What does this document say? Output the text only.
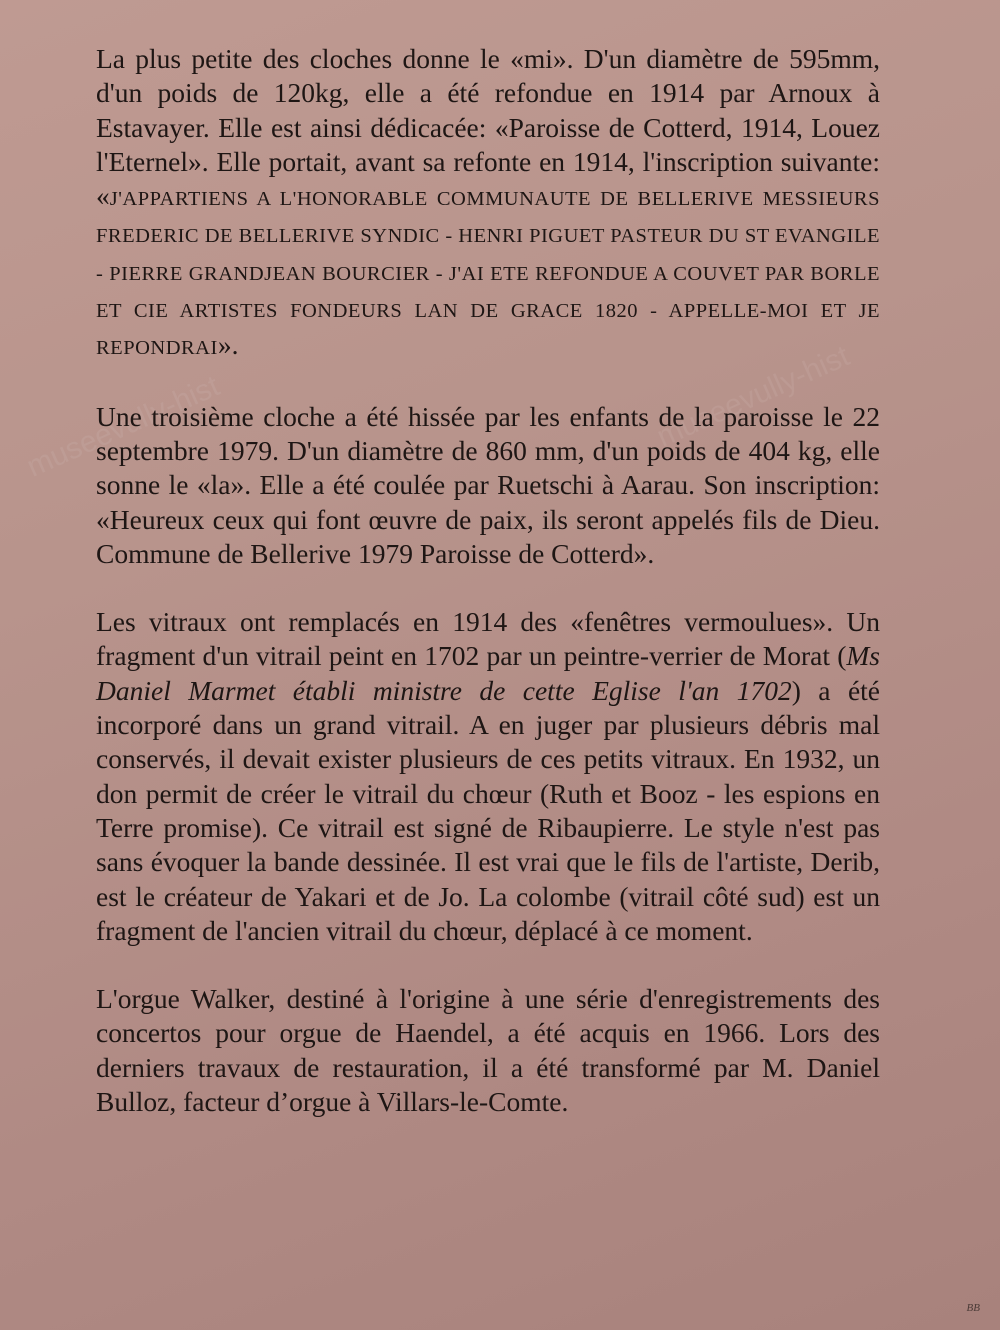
museevully-hist	museevully-hist

La plus petite des cloches donne le «mi». D'un diamètre de 595mm, d'un poids de 120kg, elle a été refondue en 1914 par Arnoux à Estavayer. Elle est ainsi dédicacée: «Paroisse de Cotterd, 1914, Louez l'Eternel». Elle portait, avant sa refonte en 1914, l'inscription suivante: «J'APPARTIENS A L'HONORABLE COMMUNAUTE DE BELLERIVE MESSIEURS FREDERIC DE BELLERIVE SYNDIC - HENRI PIGUET PASTEUR DU ST EVANGILE - PIERRE GRANDJEAN BOURCIER - J'AI ETE REFONDUE A COUVET PAR BORLE ET CIE ARTISTES FONDEURS LAN DE GRACE 1820 - APPELLE-MOI ET JE REPONDRAI».

Une troisième cloche a été hissée par les enfants de la paroisse le 22 septembre 1979. D'un diamètre de 860 mm, d'un poids de 404 kg, elle sonne le «la». Elle a été coulée par Ruetschi à Aarau. Son inscription: «Heureux ceux qui font œuvre de paix, ils seront appelés fils de Dieu. Commune de Bellerive 1979 Paroisse de Cotterd».

Les vitraux ont remplacés en 1914 des «fenêtres vermoulues». Un fragment d'un vitrail peint en 1702 par un peintre-verrier de Morat (Ms Daniel Marmet établi ministre de cette Eglise l'an 1702) a été incorporé dans un grand vitrail. A en juger par plusieurs débris mal conservés, il devait exister plusieurs de ces petits vitraux. En 1932, un don permit de créer le vitrail du chœur (Ruth et Booz - les espions en Terre promise). Ce vitrail est signé de Ribaupierre. Le style n'est pas sans évoquer la bande dessinée. Il est vrai que le fils de l'artiste, Derib, est le créateur de Yakari et de Jo. La colombe (vitrail côté sud) est un fragment de l'ancien vitrail du chœur, déplacé à ce moment.

L'orgue Walker, destiné à l'origine à une série d'enregistrements des concertos pour orgue de Haendel, a été acquis en 1966. Lors des derniers travaux de restauration, il a été transformé par M. Daniel Bulloz, facteur d’orgue à Villars-le-Comte.

BB
